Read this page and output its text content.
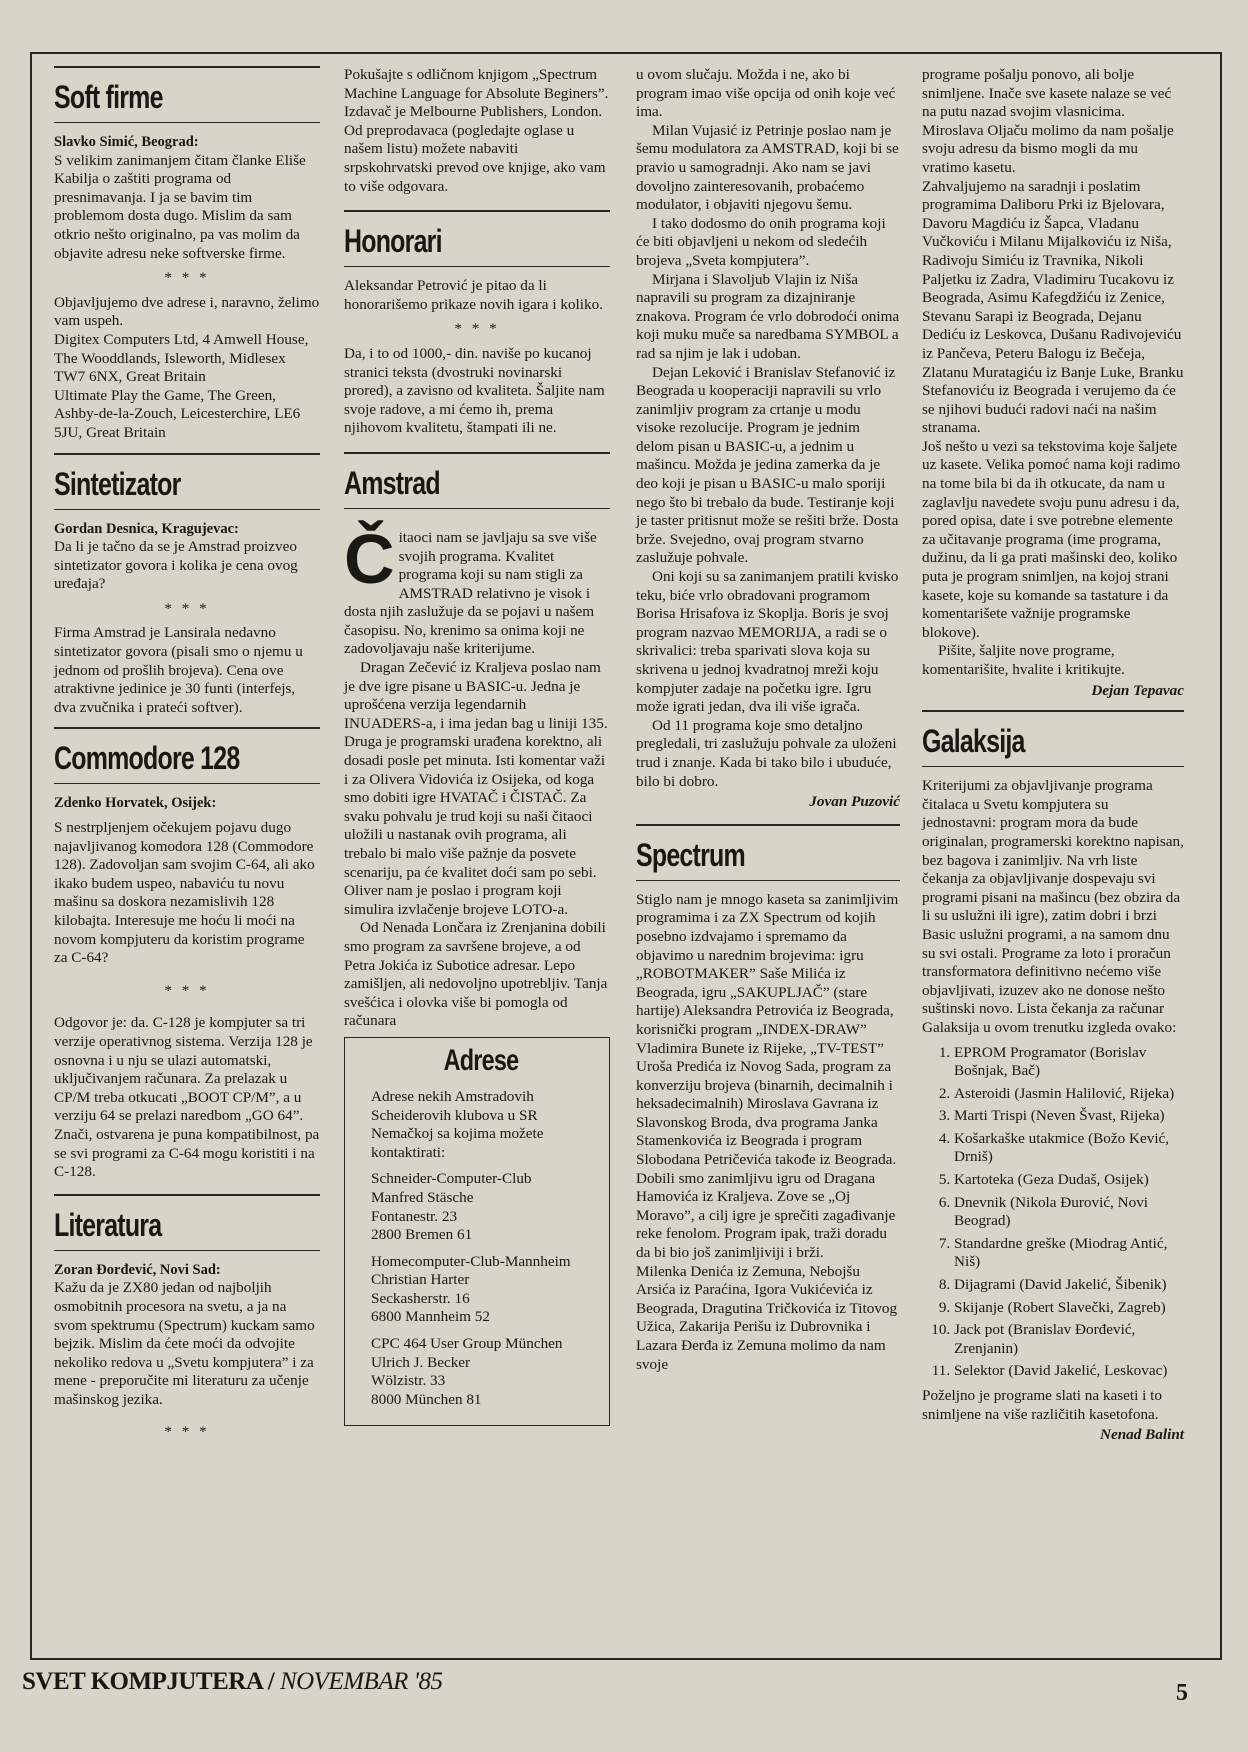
Soft firme

Slavko Simić, Beograd:

S velikim zanimanjem čitam članke Eliše Kabilja o zaštiti programa od presnimavanja. I ja se bavim tim problemom dosta dugo. Mislim da sam otkrio nešto originalno, pa vas molim da objavite adresu neke softverske firme.

* * *

Objavljujemo dve adrese i, naravno, želimo vam uspeh.

Digitex Computers Ltd, 4 Amwell House, The Wooddlands, Isleworth, Midlesex TW7 6NX, Great Britain

Ultimate Play the Game, The Green, Ashby-de-la-Zouch, Leicesterchire, LE6 5JU, Great Britain

Sintetizator

Gordan Desnica, Kragujevac:

Da li je tačno da se je Amstrad proizveo sintetizator govora i kolika je cena ovog uređaja?

* * *

Firma Amstrad je Lansirala nedavno sintetizator govora (pisali smo o njemu u jednom od prošlih brojeva). Cena ove atraktivne jedinice je 30 funti (interfejs, dva zvučnika i prateći softver).

Commodore 128

Zdenko Horvatek, Osijek:

S nestrpljenjem očekujem pojavu dugo najavljivanog komodora 128 (Commodore 128). Zadovoljan sam svojim C-64, ali ako ikako budem uspeo, nabaviću tu novu mašinu sa doskora nezamislivih 128 kilobajta. Interesuje me hoću li moći na novom kompjuteru da koristim programe za C-64?

* * *

Odgovor je: da. C-128 je kompjuter sa tri verzije operativnog sistema. Verzija 128 je osnovna i u nju se ulazi automatski, uključivanjem računara. Za prelazak u CP/M treba otkucati „BOOT CP/M”, a u verziju 64 se prelazi naredbom „GO 64”. Znači, ostvarena je puna kompatibilnost, pa se svi programi za C-64 mogu koristiti i na C-128.

Literatura

Zoran Đorđević, Novi Sad:

Kažu da je ZX80 jedan od najboljih osmobitnih procesora na svetu, a ja na svom spektrumu (Spectrum) kuckam samo bejzik. Mislim da ćete moći da odvojite nekoliko redova u „Svetu kompjutera” i za mene - preporučite mi literaturu za učenje mašinskog jezika.

* * *

Pokušajte s odličnom knjigom „Spectrum Machine Language for Absolute Beginers”. Izdavač je Melbourne Publishers, London. Od preprodavaca (pogledajte oglase u našem listu) možete nabaviti srpskohrvatski prevod ove knjige, ako vam to više odgovara.

Honorari

Aleksandar Petrović je pitao da li honorarišemo prikaze novih igara i koliko.

* * *

Da, i to od 1000,- din. naviše po kucanoj stranici teksta (dvostruki novinarski prored), a zavisno od kvaliteta. Šaljite nam svoje radove, a mi ćemo ih, prema njihovom kvalitetu, štampati ili ne.

Amstrad

Čitaoci nam se javljaju sa sve više svojih programa. Kvalitet programa koji su nam stigli za AMSTRAD relativno je visok i dosta njih zaslužuje da se pojavi u našem časopisu. No, krenimo sa onima koji ne zadovoljavaju naše kriterijume.

Dragan Zečević iz Kraljeva poslao nam je dve igre pisane u BASIC-u. Jedna je uprošćena verzija legendarnih INUADERS-a, i ima jedan bag u liniji 135. Druga je programski urađena korektno, ali dosadi posle pet minuta. Isti komentar važi i za Olivera Vidovića iz Osijeka, od koga smo dobiti igre HVATAČ i ČISTAČ. Za svaku pohvalu je trud koji su naši čitaoci uložili u nastanak ovih programa, ali trebalo bi malo više pažnje da posvete scenariju, pa će kvalitet doći sam po sebi. Oliver nam je poslao i program koji simulira izvlačenje brojeve LOTO-a.

Od Nenada Lončara iz Zrenjanina dobili smo program za savršene brojeve, a od Petra Jokića iz Subotice adresar. Lepo zamišljen, ali nedovoljno upotrebljiv. Tanja svešćica i olovka više bi pomogla od računara

Adrese

Adrese nekih Amstradovih Scheiderovih klubova u SR Nemačkoj sa kojima možete kontaktirati:

Schneider-Computer-Club
Manfred Stäsche
Fontanestr. 23
2800 Bremen 61

Homecomputer-Club-Mannheim
Christian Harter
Seckasherstr. 16
6800 Mannheim 52

CPC 464 User Group München
Ulrich J. Becker
Wölzistr. 33
8000 München 81

u ovom slučaju. Možda i ne, ako bi program imao više opcija od onih koje već ima.

Milan Vujasić iz Petrinje poslao nam je šemu modulatora za AMSTRAD, koji bi se pravio u samogradnji. Ako nam se javi dovoljno zainteresovanih, probaćemo modulator, i objaviti njegovu šemu.

I tako dodosmo do onih programa koji će biti objavljeni u nekom od sledećih brojeva „Sveta kompjutera”.

Mirjana i Slavoljub Vlajin iz Niša napravili su program za dizajniranje znakova. Program će vrlo dobrodoći onima koji muku muče sa naredbama SYMBOL a rad sa njim je lak i udoban.

Dejan Leković i Branislav Stefanović iz Beograda u kooperaciji napravili su vrlo zanimljiv program za crtanje u modu visoke rezolucije. Program je jednim delom pisan u BASIC-u, a jednim u mašincu. Možda je jedina zamerka da je deo koji je pisan u BASIC-u malo sporiji nego što bi trebalo da bude. Testiranje koji je taster pritisnut može se rešiti brže. Dosta brže. Svejedno, ovaj program stvarno zaslužuje pohvale.

Oni koji su sa zanimanjem pratili kvisko teku, biće vrlo obradovani programom Borisa Hrisafova iz Skoplja. Boris je svoj program nazvao MEMORIJA, a radi se o skrivalici: treba sparivati slova koja su skrivena u jednoj kvadratnoj mreži koju kompjuter zadaje na početku igre. Igru može igrati jedan, dva ili više igrača.

Od 11 programa koje smo detaljno pregledali, tri zaslužuju pohvale za uloženi trud i znanje. Kada bi tako bilo i ubuduće, bilo bi dobro.

Jovan Puzović
Spectrum

Stiglo nam je mnogo kaseta sa zanimljivim programima i za ZX Spectrum od kojih posebno izdvajamo i spremamo da objavimo u narednim brojevima: igru „ROBOTMAKER” Saše Milića iz Beograda, igru „SAKUPLJAČ” (stare hartije) Aleksandra Petrovića iz Beograda, korisnički program „INDEX-DRAW” Vladimira Bunete iz Rijeke, „TV-TEST” Uroša Predića iz Novog Sada, program za konverziju brojeva (binarnih, decimalnih i heksadecimalnih) Miroslava Gavrana iz Slavonskog Broda, dva programa Janka Stamenkovića iz Beograda i program Slobodana Petričevića takođe iz Beograda.

Dobili smo zanimljivu igru od Dragana Hamovića iz Kraljeva. Zove se „Oj Moravo”, a cilj igre je sprečiti zagađivanje reke fenolom. Program ipak, traži doradu da bi bio još zanimljiviji i brži.

Milenka Denića iz Zemuna, Nebojšu Arsića iz Paraćina, Igora Vukićevića iz Beograda, Dragutina Tričkovića iz Titovog Užica, Zakarija Perišu iz Dubrovnika i Lazara Đerđa iz Zemuna molimo da nam svoje

programe pošalju ponovo, ali bolje snimljene. Inače sve kasete nalaze se već na putu nazad svojim vlasnicima. Miroslava Oljaču molimo da nam pošalje svoju adresu da bismo mogli da mu vratimo kasetu.

Zahvaljujemo na saradnji i poslatim programima Daliboru Prki iz Bjelovara, Davoru Magdiću iz Šapca, Vladanu Vučkoviću i Milanu Mijalkoviću iz Niša, Radivoju Simiću iz Travnika, Nikoli Paljetku iz Zadra, Vladimiru Tucakovu iz Beograda, Asimu Kafegdžiću iz Zenice, Stevanu Sarapi iz Beograda, Dejanu Dediću iz Leskovca, Dušanu Radivojeviću iz Pančeva, Peteru Balogu iz Bečeja, Zlatanu Muratagiću iz Banje Luke, Branku Stefanoviću iz Beograda i verujemo da će se njihovi budući radovi naći na našim stranama.

Još nešto u vezi sa tekstovima koje šaljete uz kasete. Velika pomoć nama koji radimo na tome bila bi da ih otkucate, da nam u zaglavlju navedete svoju punu adresu i da, pored opisa, date i sve potrebne elemente za učitavanje programa (ime programa, dužinu, da li ga prati mašinski deo, koliko puta je program snimljen, na kojoj strani kasete, koje su komande sa tastature i da komentarišete važnije programske blokove).

Pišite, šaljite nove programe, komentarišite, hvalite i kritikujte.

Dejan Tepavac
Galaksija

Kriterijumi za objavljivanje programa čitalaca u Svetu kompjutera su jednostavni: program mora da bude originalan, programerski korektno napisan, bez bagova i zanimljiv. Na vrh liste čekanja za objavljivanje dospevaju svi programi pisani na mašincu (bez obzira da li su uslužni ili igre), zatim dobri i brzi Basic uslužni programi, a na samom dnu su svi ostali. Programe za loto i proračun transformatora definitivno nećemo više objavljivati, izuzev ako ne donose nešto suštinski novo. Lista čekanja za računar Galaksija u ovom trenutku izgleda ovako:

1. EPROM Programator (Borislav Bošnjak, Bač)
2. Asteroidi (Jasmin Halilović, Rijeka)
3. Marti Trispi (Neven Švast, Rijeka)
4. Košarkaške utakmice (Božo Kević, Drniš)
5. Kartoteka (Geza Dudaš, Osijek)
6. Dnevnik (Nikola Đurović, Novi Beograd)
7. Standardne greške (Miodrag Antić, Niš)
8. Dijagrami (David Jakelić, Šibenik)
9. Skijanje (Robert Slavečki, Zagreb)
10. Jack pot (Branislav Đorđević, Zrenjanin)
11. Selektor (David Jakelić, Leskovac)

Poželjno je programe slati na kaseti i to snimljene na više različitih kasetofona.

Nenad Balint
SVET KOMPJUTERA / NOVEMBAR '85	5
